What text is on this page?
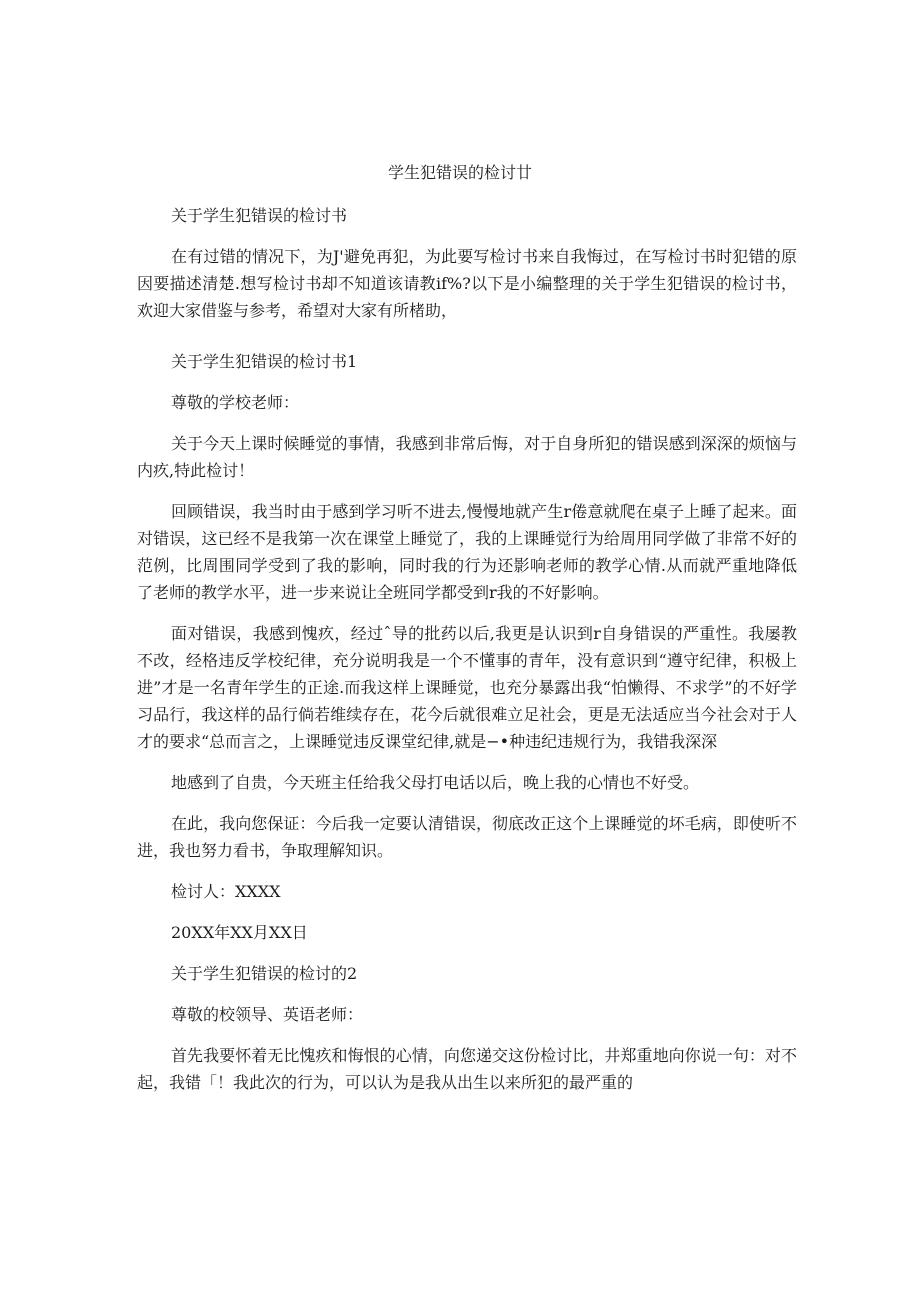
学生犯错误的检讨廿

关于学生犯错误的检讨书

在有过错的情况下，为J'避免再犯，为此要写检讨书来自我悔过，在写检讨书时犯错的原因要描述清楚.想写检讨书却不知道该请教if%?以下是小编整理的关于学生犯错误的检讨书，欢迎大家借鉴与参考，希望对大家有所楮助，

关于学生犯错误的检讨书1

尊敬的学校老师：

关于今天上课时候睡觉的事情，我感到非常后悔，对于自身所犯的错误感到深深的烦恼与内疚,特此检讨！

回顾错误，我当时由于感到学习听不进去,慢慢地就产生r倦意就爬在桌子上睡了起来。面对错误，这已经不是我第一次在课堂上睡觉了，我的上课睡觉行为给周用同学做了非常不好的范例，比周围同学受到了我的影响，同时我的行为还影响老师的教学心情.从而就严重地降低了老师的教学水平，进一步来说让全班同学都受到r我的不好影响。

面对错误，我感到愧疚，经过ˆ导的批药以后,我更是认识到r自身错误的严重性。我屡教不改，经格违反学校纪律，充分说明我是一个不懂事的青年，没有意识到“遵守纪律，积极上进”才是一名青年学生的正途.而我这样上课睡觉，也充分暴露出我“怕懒得、不求学”的不好学习品行，我这样的品行倘若维续存在，花今后就很难立足社会，更是无法适应当今社会对于人才的要求“总而言之，上课睡觉违反课堂纪律,就是−•种违纪违规行为，我错我深深

地感到了自贵，今天班主任给我父母打电话以后，晚上我的心情也不好受。

在此，我向您保证：今后我一定要认清错误，彻底改正这个上课睡觉的坏毛病，即使听不进，我也努力看书，争取理解知识。

检讨人：XXXX

20XX年XX月XX日

关于学生犯错误的检讨的2

尊敬的校领导、英语老师：

首先我要怀着无比愧疚和悔恨的心情，向您递交这份检讨比，井郑重地向你说一句：对不起，我错「！我此次的行为，可以认为是我从出生以来所犯的最严重的
